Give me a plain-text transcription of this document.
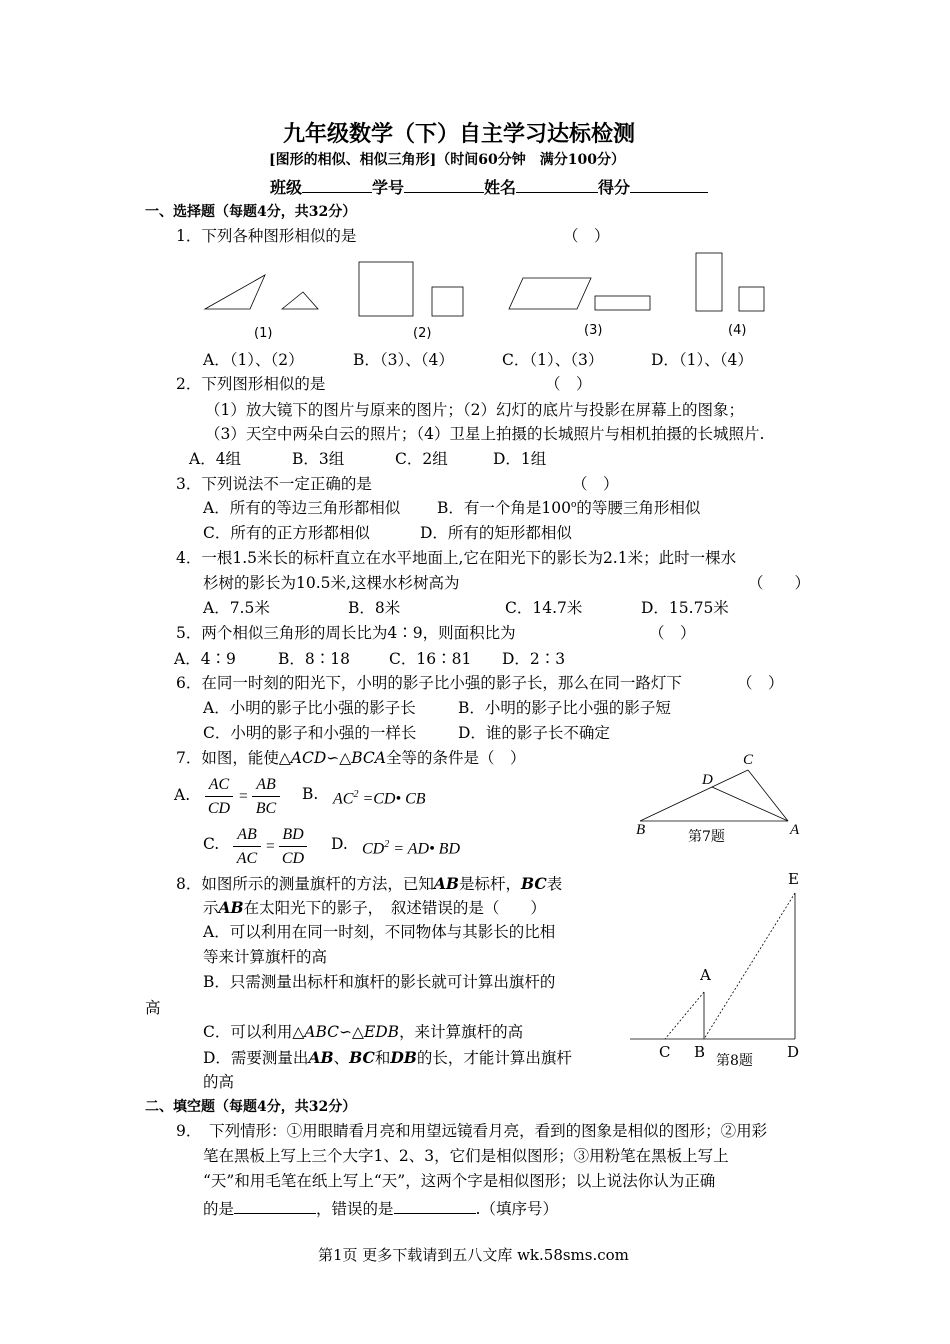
九年级数学（下）自主学习达标检测
[图形的相似、相似三角形]（时间60分钟　满分100分）
班级	学号	姓名	得分
一、选择题（每题4分，共32分）
1．下列各种图形相似的是	（　）
(1)	(2)	(3)	(4)
A．（1）、（2）	B．（3）、（4）	C．（1）、（3）	D．（1）、（4）
2．下列图形相似的是	（　）
（1）放大镜下的图片与原来的图片；（2）幻灯的底片与投影在屏幕上的图象；
（3）天空中两朵白云的照片；（4）卫星上拍摄的长城照片与相机拍摄的长城照片.
A．4组	B．3组	C．2组	D．1组
3．下列说法不一定正确的是	（　）
A．所有的等边三角形都相似 B．有一个角是100$^o$的等腰三角形相似
C．所有的正方形都相似	D．所有的矩形都相似
4．一根1.5米长的标杆直立在水平地面上,它在阳光下的影长为2.1米；此时一棵水
杉树的影长为10.5米,这棵水杉树高为	（　　）
A．7.5米	B．8米	C．14.7米	D．15.75米
5．两个相似三角形的周长比为4∶9，则面积比为	（　）
A．4∶9	B．8∶18	C．16∶81 D．2∶3
6．在同一时刻的阳光下，小明的影子比小强的影子长，那么在同一路灯下	（　）
A．小明的影子比小强的影子长	B．小明的影子比小强的影子短
C．小明的影子和小强的一样长	D．谁的影子长不确定
7．如图，能使△ACD∽△BCA全等的条件是（　）
A.
AC
CD
=
AB
BC
B. $AC^2$ =CD• CB
C.
AB
AC
=
BD
CD
D. $CD^2$ = AD• BD
C
D
B	A
第7题
8．如图所示的测量旗杆的方法，已知AB是标杆，BC表
示AB在太阳光下的影子，　叙述错误的是（　　）
A．可以利用在同一时刻，不同物体与其影长的比相
等来计算旗杆的高
B．只需测量出标杆和旗杆的影长就可计算出旗杆的
高
C．可以利用△ABC∽△EDB，来计算旗杆的高
D．需要测量出AB、BC和DB的长，才能计算出旗杆
的高
E
A
C B	D
第8题
二、填空题（每题4分，共32分）
9．　下列情形：①用眼睛看月亮和用望远镜看月亮，看到的图象是相似的图形；②用彩
笔在黑板上写上三个大字1、2、3，它们是相似图形；③用粉笔在黑板上写上
“天”和用毛笔在纸上写上“天”，这两个字是相似图形；以上说法你认为正确
的是	，错误的是	.（填序号）
第1页 更多下载请到五八文库 wk.58sms.com
